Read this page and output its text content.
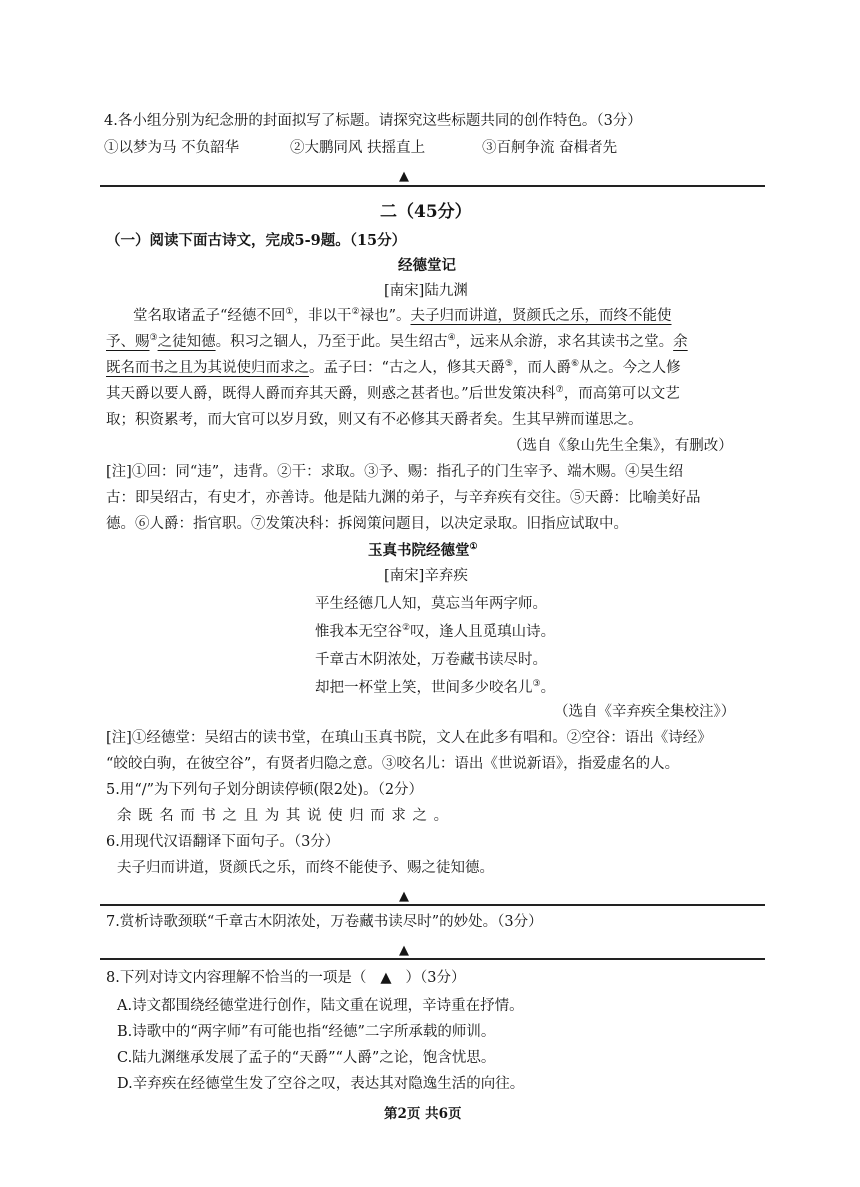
4.各小组分别为纪念册的封面拟写了标题。请探究这些标题共同的创作特色。（3分）
①以梦为马 不负韶华	②大鹏同风 扶摇直上	③百舸争流 奋楫者先
▲
二（45分）
（一）阅读下面古诗文，完成5-9题。（15分）
经德堂记
[南宋]陆九渊
堂名取诸孟子“经德不回①，非以干②禄也”。夫子归而讲道，贤颜氏之乐，而终不能使
予、赐③之徒知德。积习之锢人，乃至于此。吴生绍古④，远来从余游，求名其读书之堂。余
既名而书之且为其说使归而求之。孟子曰：“古之人，修其天爵⑤，而人爵⑥从之。今之人修
其天爵以要人爵，既得人爵而弃其天爵，则惑之甚者也。”后世发策决科⑦，而高第可以文艺
取；积资累考，而大官可以岁月致，则又有不必修其天爵者矣。生其早辨而谨思之。
（选自《象山先生全集》，有删改）
[注]①回：同“违”，违背。②干：求取。③予、赐：指孔子的门生宰予、端木赐。④吴生绍
古：即吴绍古，有史才，亦善诗。他是陆九渊的弟子，与辛弃疾有交往。⑤天爵：比喻美好品
德。⑥人爵：指官职。⑦发策决科：拆阅策问题目，以决定录取。旧指应试取中。
玉真书院经德堂①
[南宋]辛弃疾
平生经德几人知，莫忘当年两字师。
惟我本无空谷②叹，逢人且觅瑱山诗。
千章古木阴浓处，万卷藏书读尽时。
却把一杯堂上笑，世间多少咬名儿③。
（选自《辛弃疾全集校注》）
[注]①经德堂：吴绍古的读书堂，在瑱山玉真书院，文人在此多有唱和。②空谷：语出《诗经》
“皎皎白驹，在彼空谷”，有贤者归隐之意。③咬名儿：语出《世说新语》，指爱虚名的人。
5.用“/”为下列句子划分朗读停顿(限2处)。（2分）
余 既 名 而 书 之 且 为 其 说 使 归 而 求 之 。
6.用现代汉语翻译下面句子。（3分）
夫子归而讲道，贤颜氏之乐，而终不能使予、赐之徒知德。
▲
7.赏析诗歌颈联“千章古木阴浓处，万卷藏书读尽时”的妙处。（3分）
▲
8.下列对诗文内容理解不恰当的一项是（ ▲ ）（3分）
A.诗文都围绕经德堂进行创作，陆文重在说理，辛诗重在抒情。
B.诗歌中的“两字师”有可能也指“经德”二字所承载的师训。
C.陆九渊继承发展了孟子的“天爵”“人爵”之论，饱含忧思。
D.辛弃疾在经德堂生发了空谷之叹，表达其对隐逸生活的向往。
第2页 共6页
